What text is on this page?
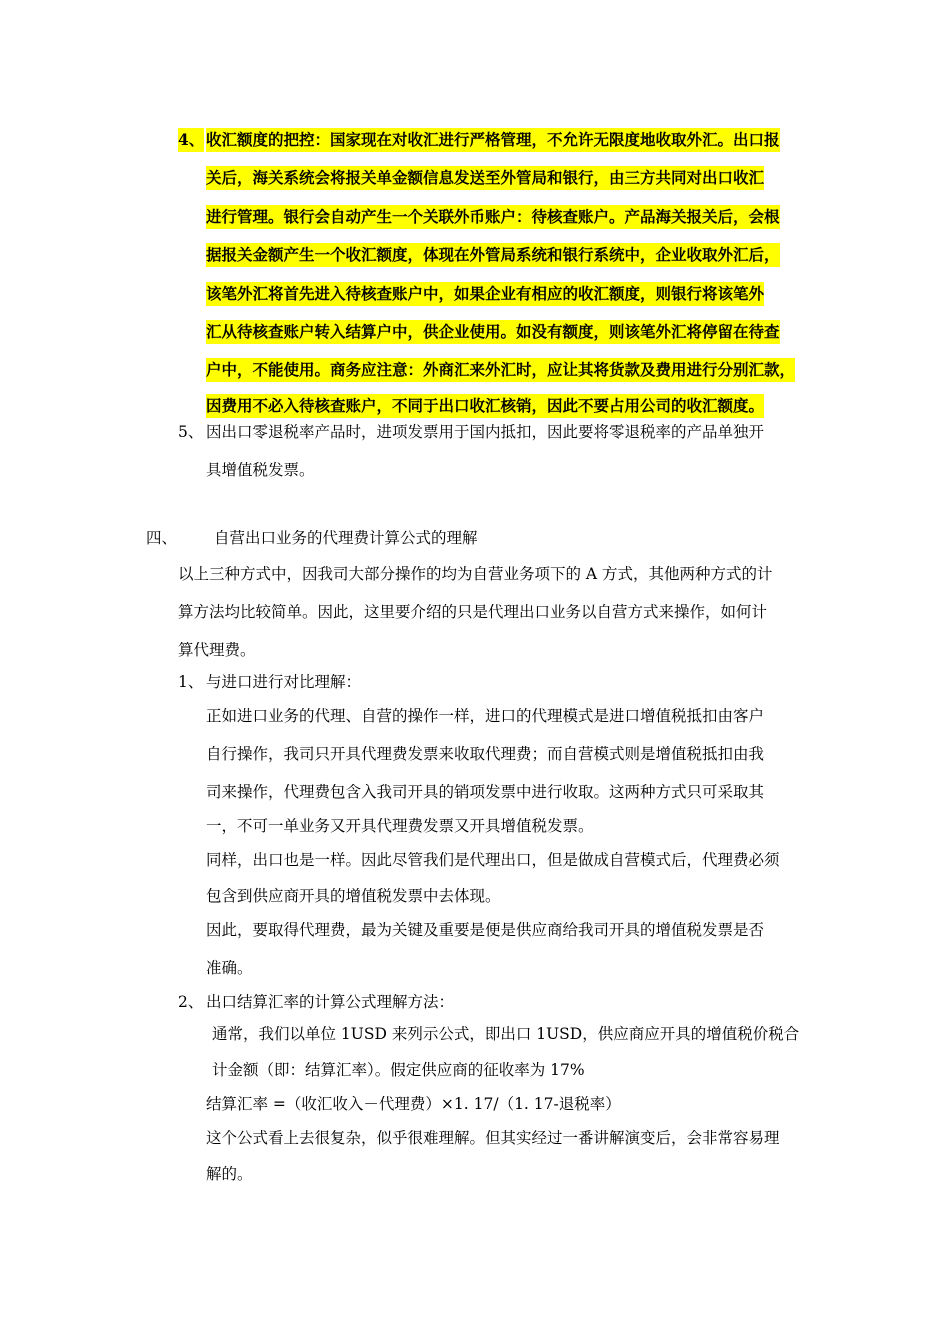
4、 收汇额度的把控：国家现在对收汇进行严格管理，不允许无限度地收取外汇。出口报
关后，海关系统会将报关单金额信息发送至外管局和银行，由三方共同对出口收汇
进行管理。银行会自动产生一个关联外币账户：待核查账户。产品海关报关后，会根
据报关金额产生一个收汇额度，体现在外管局系统和银行系统中，企业收取外汇后，
该笔外汇将首先进入待核查账户中，如果企业有相应的收汇额度，则银行将该笔外
汇从待核查账户转入结算户中，供企业使用。如没有额度，则该笔外汇将停留在待查
户中，不能使用。商务应注意：外商汇来外汇时，应让其将货款及费用进行分别汇款，
因费用不必入待核查账户，不同于出口收汇核销，因此不要占用公司的收汇额度。
5、 因出口零退税率产品时，进项发票用于国内抵扣，因此要将零退税率的产品单独开
具增值税发票。
四、 自营出口业务的代理费计算公式的理解
以上三种方式中，因我司大部分操作的均为自营业务项下的 A 方式，其他两种方式的计
算方法均比较简单。因此，这里要介绍的只是代理出口业务以自营方式来操作，如何计
算代理费。
1、 与进口进行对比理解：
正如进口业务的代理、自营的操作一样，进口的代理模式是进口增值税抵扣由客户
自行操作，我司只开具代理费发票来收取代理费；而自营模式则是增值税抵扣由我
司来操作，代理费包含入我司开具的销项发票中进行收取。这两种方式只可采取其
一，不可一单业务又开具代理费发票又开具增值税发票。
同样，出口也是一样。因此尽管我们是代理出口，但是做成自营模式后，代理费必须
包含到供应商开具的增值税发票中去体现。
因此，要取得代理费，最为关键及重要是便是供应商给我司开具的增值税发票是否
准确。
2、 出口结算汇率的计算公式理解方法：
通常，我们以单位 1USD 来列示公式，即出口 1USD，供应商应开具的增值税价税合
计金额（即：结算汇率）。假定供应商的征收率为 17%
结算汇率 =（收汇收入－代理费）×1. 17/（1. 17-退税率）
这个公式看上去很复杂，似乎很难理解。但其实经过一番讲解演变后，会非常容易理
解的。
